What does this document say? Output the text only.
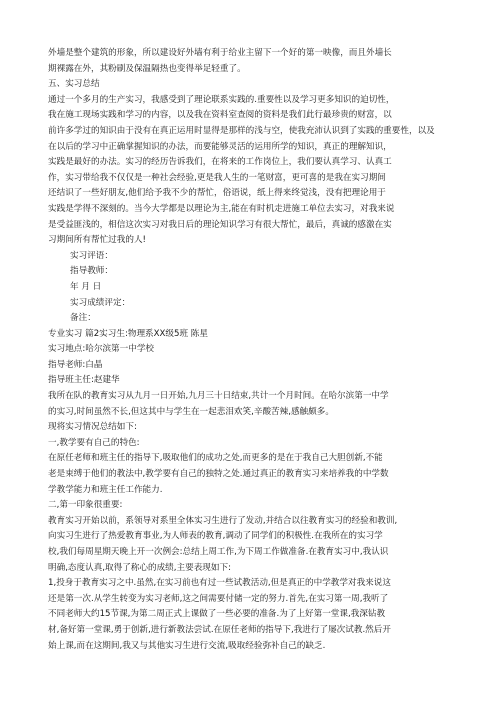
外墙是整个建筑的形象，所以建设好外墙有利于给业主留下一个好的第一映像，而且外墙长

期裸露在外，其粉刷及保温隔热也变得举足轻重了。

五、实习总结

通过一个多月的生产实习，我感受到了理论联系实践的.重要性以及学习更多知识的迫切性，

我在施工现场实践和学习的内容，以及我在资料室查阅的资料是我们此行最珍贵的财富，以

前许多学过的知识由于没有在真正运用时显得是那样的浅与空，使我充沛认识到了实践的重要性，以及

在以后的学习中正确掌握知识的办法，而要能够灵活的运用所学的知识，真正的理解知识，

实践是最好的办法。实习的经历告诉我们，在将来的工作岗位上，我们要认真学习、认真工

作，实习带给我不仅仅是一种社会经验,更是我人生的一笔财富，更可喜的是我在实习期间

还结识了一些好朋友,他们给予我不少的帮忙，俗语说，纸上得来终觉浅，没有把理论用于

实践是学得不深刻的。当今大学都是以理论为主,能在有时机走进施工单位去实习，对我来说

是受益匪浅的，相信这次实习对我日后的理论知识学习有很大帮忙，最后，真诚的感激在实

习期间所有帮忙过我的人!

实习评语：

指导教师：

年 月 日

实习成绩评定：

备注：

专业实习 篇2实习生:物理系XX级5班 陈星

实习地点:哈尔滨第一中学校

指导老师:白晶

指导班主任:赵建华

我所在队的教育实习从九月一日开始,九月三十日结束,共计一个月时间。在哈尔滨第一中学

的实习,时间虽然不长,但这其中与学生在一起悲泪欢笑,辛酸苦辣,感触颇多。

现将实习情况总结如下:

一,教学要有自己的特色:

在原任老师和班主任的指导下,吸取他们的成功之处,而更多的是在于我自己大胆创新,不能

老是束缚于他们的教法中,教学要有自己的独特之处.通过真正的教育实习来培养我的中学数

学教学能力和班主任工作能力.

二,第一印象很重要:

教育实习开始以前，系领导对系里全体实习生进行了发动,并结合以往教育实习的经验和教训,

向实习生进行了热爱教育事业,为人师表的教育,调动了同学们的积极性.在我所在的实习学

校,我们每周星期天晚上开一次例会:总结上周工作,为下周工作做准备.在教育实习中,我认识

明确,态度认真,取得了称心的成绩,主要表现如下:

1,投身于教育实习之中.虽然,在实习前也有过一些试教活动,但是真正的中学教学对我来说这

还是第一次.从学生转变为实习老师,这之间需要付储一定的努力.首先,在实习第一周,我听了

不同老师大约15节课,为第二周正式上课做了一些必要的准备.为了上好第一堂课,我深钻教

材,备好第一堂课,勇于创新,进行新教法尝试.在原任老师的指导下,我进行了屡次试教.然后开

始上课,而在这期间,我又与其他实习生进行交流,吸取经验弥补自己的缺乏.
